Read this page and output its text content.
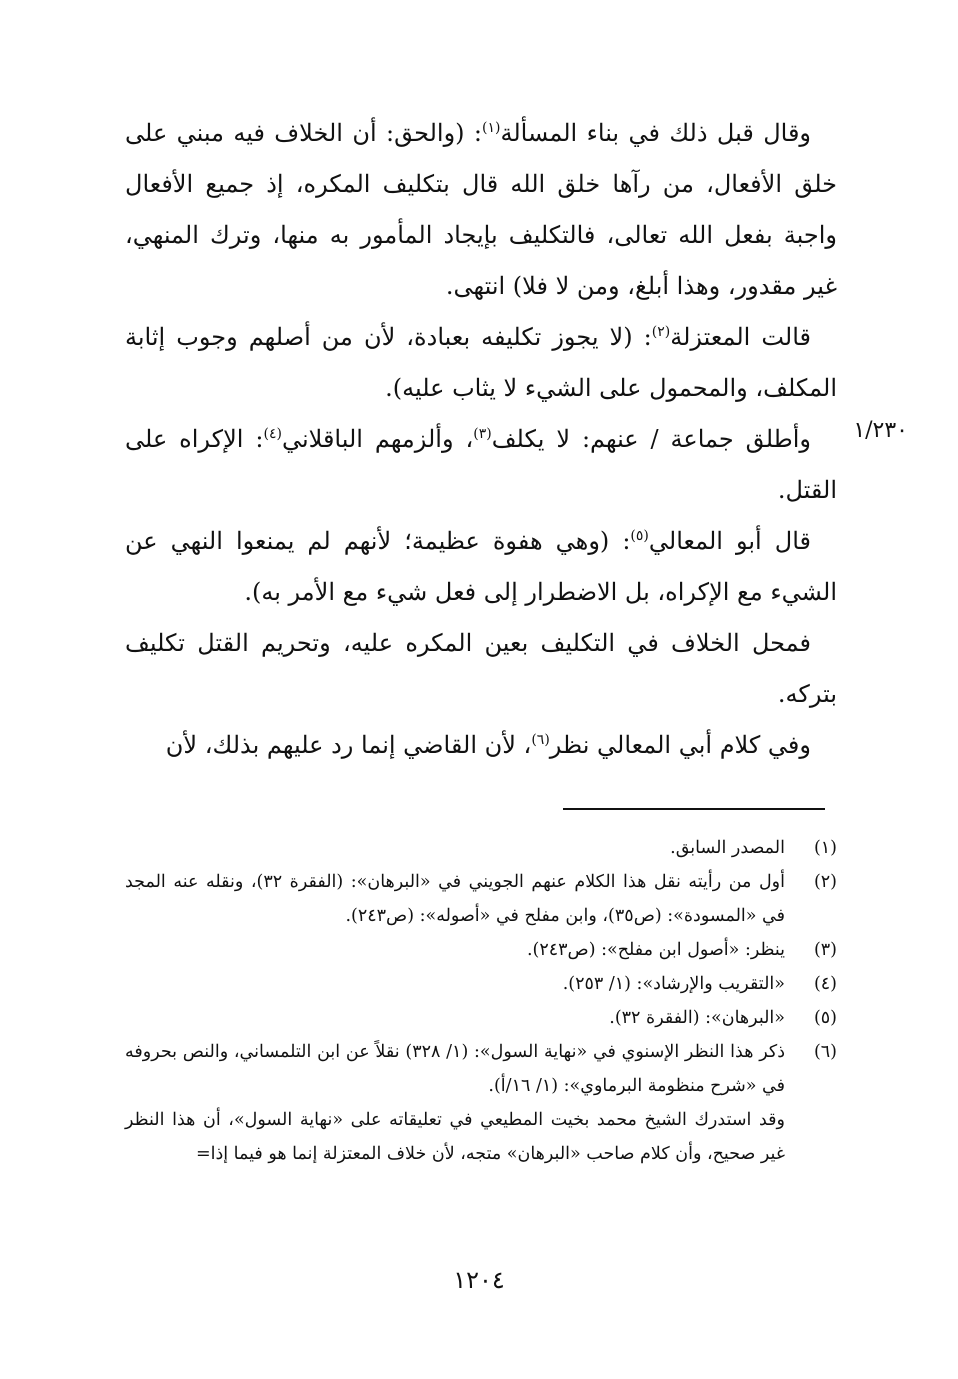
وقال قبل ذلك في بناء المسألة$^{(١)}$: (والحق: أن الخلاف فيه مبني على خلق الأفعال، من رآها خلق الله قال بتكليف المكره، إذ جميع الأفعال واجبة بفعل الله تعالى، فالتكليف بإيجاد المأمور به منها، وترك المنهي، غير مقدور، وهذا أبلغ، ومن لا فلا) انتهى.

قالت المعتزلة$^{(٢)}$: (لا يجوز تكليفه بعبادة، لأن من أصلهم وجوب إثابة المكلف، والمحمول على الشيء لا يثاب عليه).

وأطلق جماعة / عنهم: لا يكلف$^{(٣)}$، وألزمهم الباقلاني$^{(٤)}$: الإكراه على القتل.

قال أبو المعالي$^{(٥)}$: (وهي هفوة عظيمة؛ لأنهم لم يمنعوا النهي عن الشيء مع الإكراه، بل الاضطرار إلى فعل شيء مع الأمر به).

فمحل الخلاف في التكليف بعين المكره عليه، وتحريم القتل تكليف بتركه.

وفي كلام أبي المعالي نظر$^{(٦)}$، لأن القاضي إنما رد عليهم بذلك، لأن

١/٢٣٠
(١)
المصدر السابق.
(٢)
أول من رأيته نقل هذا الكلام عنهم الجويني في «البرهان»: (الفقرة ٣٢)، ونقله عنه المجد في «المسودة»: (ص٣٥)، وابن مفلح في «أصوله»: (ص٢٤٣).
(٣)
ينظر: «أصول ابن مفلح»: (ص٢٤٣).
(٤)
«التقريب والإرشاد»: (١/ ٢٥٣).
(٥)
«البرهان»: (الفقرة ٣٢).
(٦)
ذكر هذا النظر الإسنوي في «نهاية السول»: (١/ ٣٢٨) نقلاً عن ابن التلمساني، والنص بحروفه في «شرح منظومة البرماوي»: (١/ ١٦/أ).
وقد استدرك الشيخ محمد بخيت المطيعي في تعليقاته على «نهاية السول»، أن هذا النظر غير صحيح، وأن كلام صاحب «البرهان» متجه، لأن خلاف المعتزلة إنما هو فيما إذا=
١٢٠٤
